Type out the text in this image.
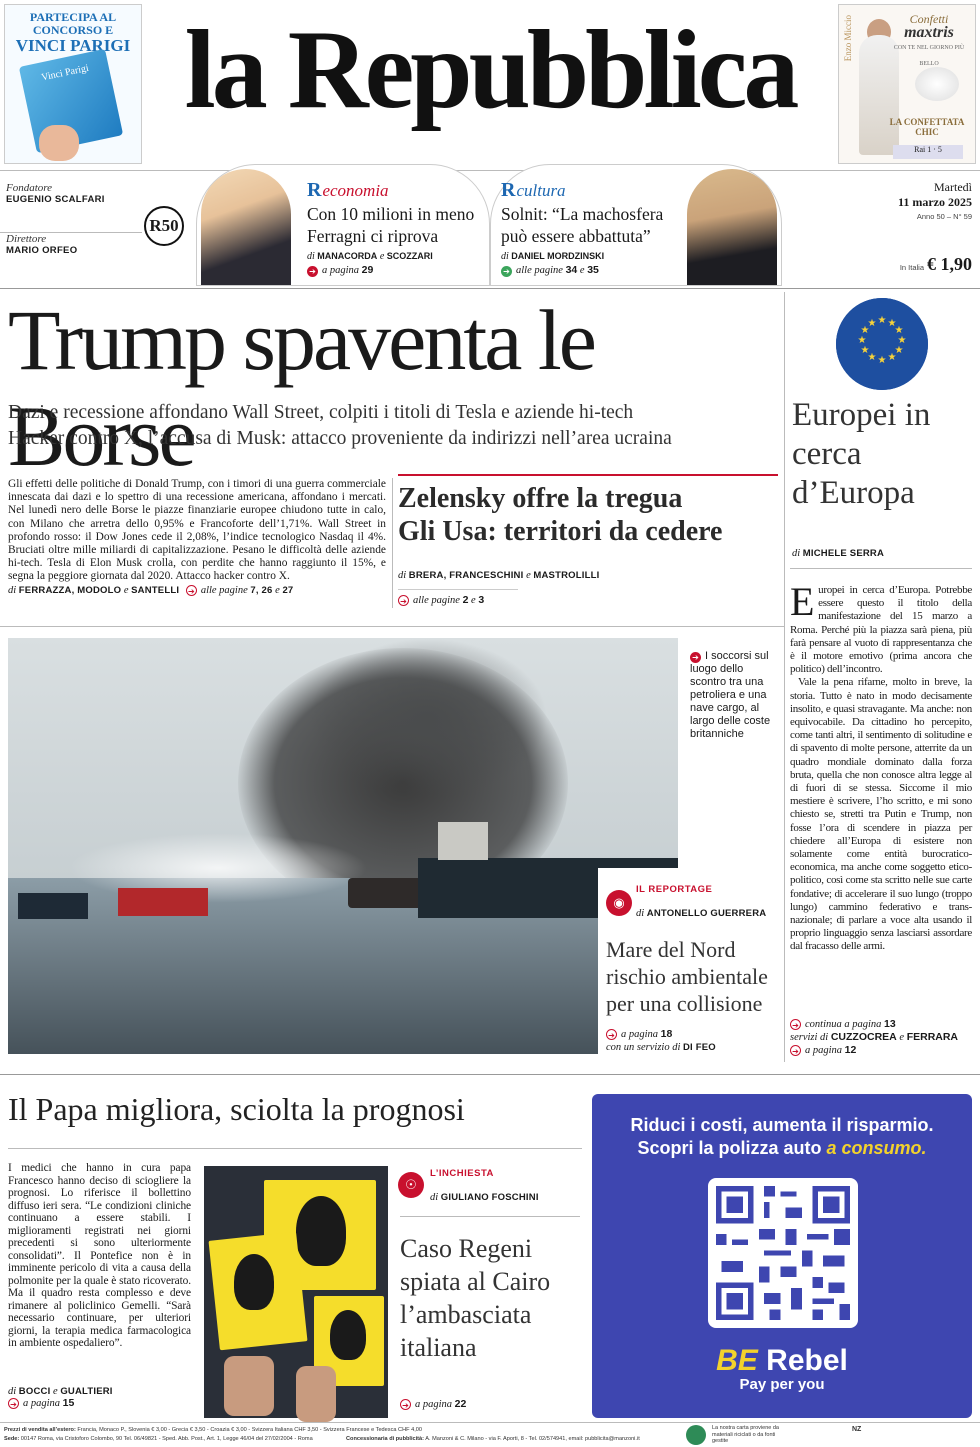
PARTECIPA AL
CONCORSO E
VINCI PARIGI
Vinci Parigi la Repubblica	Enzo Miccio	Confetti
maxtris
CON TE NEL GIORNO PIÙ BELLO
LA CONFETTATA CHIC
Rai 1 · 5
Fondatore
EUGENIO SCALFARI
Direttore
MARIO ORFEO
R50
Reconomia
Con 10 milioni in meno Ferragni ci riprova
di MANACORDA e SCOZZARI
➔ a pagina 29
Rcultura
Solnit: “La machosfera può essere abbattuta”
di DANIEL MORDZINSKI
➔ alle pagine 34 e 35
Martedì
11 marzo 2025
Anno 50 – N° 59
In Italia € 1,90
Trump spaventa le Borse
Dazi e recessione affondano Wall Street, colpiti i titoli di Tesla e aziende hi-tech
Hacker contro X, l’accusa di Musk: attacco proveniente da indirizzi nell’area ucraina
Gli effetti delle politiche di Donald Trump, con i timori di una guerra commerciale innescata dai dazi e lo spettro di una recessione americana, affondano i mercati. Nel lunedì nero delle Borse le piazze finanziarie europee chiudono tutte in calo, con Milano che arretra dello 0,95% e Francoforte dell’1,71%. Wall Street in profondo rosso: il Dow Jones cede il 2,08%, l’indice tecnologico Nasdaq il 4%. Bruciati oltre mille miliardi di capitalizzazione. Pesano le difficoltà delle aziende hi-tech. Tesla di Elon Musk crolla, con perdite che hanno raggiunto il 15%, e segna la peggiore giornata dal 2020. Attacco hacker contro X.
di FERRAZZA, MODOLO e SANTELLI ➔ alle pagine 7, 26 e 27
Zelensky offre la tregua
Gli Usa: territori da cedere
di BRERA, FRANCESCHINI e MASTROLILLI
➔ alle pagine 2 e 3
★ ★
★
★
★
★
★
★
★
★
★
★
Europei in cerca d’Europa
di MICHELE SERRA

Europei in cerca d’Europa. Potrebbe essere questo il titolo della manifestazione del 15 marzo a Roma. Perché più la piazza sarà piena, più farà pensare al vuoto di rappresentanza che è il motore emotivo (prima ancora che politico) dell’incontro.

Vale la pena rifarne, molto in breve, la storia. Tutto è nato in modo decisamente insolito, e quasi stravagante. Ma anche: non equivocabile. Da cittadino ho percepito, come tanti altri, il sentimento di solitudine e di spavento di molte persone, atterrite da un quadro mondiale dominato dalla forza bruta, quella che non conosce altra legge al di fuori di se stessa. Siccome il mio mestiere è scrivere, l’ho scritto, e mi sono chiesto se, stretti tra Putin e Trump, non fosse l’ora di scendere in piazza per chiedere all’Europa di esistere non solamente come entità burocratico-economica, ma anche come soggetto etico-politico, così come sta scritto nelle sue carte fondative; di accelerare il suo lungo (troppo lungo) cammino federativo e trans-nazionale; di parlare a voce alta usando il proprio linguaggio senza lasciarsi assordare dal fracasso delle armi.

➔ continua a pagina 13
servizi di CUZZOCREA e FERRARA
➔ a pagina 12
LEE SMITH/REUTERS/GETTY IMAGES
➔ I soccorsi sul luogo dello scontro tra una petroliera e una nave cargo, al largo delle coste britanniche
◉
IL REPORTAGE
di ANTONELLO GUERRERA
Mare del Nord rischio ambientale per una collisione
➔ a pagina 18
con un servizio di DI FEO
Il Papa migliora, sciolta la prognosi
I medici che hanno in cura papa Francesco hanno deciso di sciogliere la prognosi. Lo riferisce il bollettino diffuso ieri sera. “Le condizioni cliniche continuano a essere stabili. I miglioramenti registrati nei giorni precedenti si sono ulteriormente consolidati”. Il Pontefice non è in imminente pericolo di vita a causa della polmonite per la quale è stato ricoverato. Ma il quadro resta complesso e deve rimanere al policlinico Gemelli. “Sarà necessario continuare, per ulteriori giorni, la terapia medica farmacologica in ambiente ospedaliero”.
di BOCCI e GUALTIERI
➔ a pagina 15
☉
L’INCHIESTA
di GIULIANO FOSCHINI
Caso Regeni spiata al Cairo l’ambasciata italiana
➔ a pagina 22
Riduci i costi, aumenta il risparmio.
Scopri la polizza auto a consumo.
BE Rebel
Pay per you
Prezzi di vendita all’estero: Francia, Monaco P., Slovenia € 3,00 - Grecia € 3,50 - Croazia € 3,00 - Svizzera Italiana CHF 3,50 - Svizzera Francese e Tedesca CHF 4,00
Sede: 00147 Roma, via Cristoforo Colombo, 90 Tel. 06/49821 - Sped. Abb. Post., Art. 1, Legge 46/04 del 27/02/2004 - Roma	Concessionaria di pubblicità: A. Manzoni & C. Milano - via F. Aporti, 8 - Tel. 02/574941, email: pubblicita@manzoni.it
La nostra carta proviene da materiali riciclati o da fonti gestite
NZ
